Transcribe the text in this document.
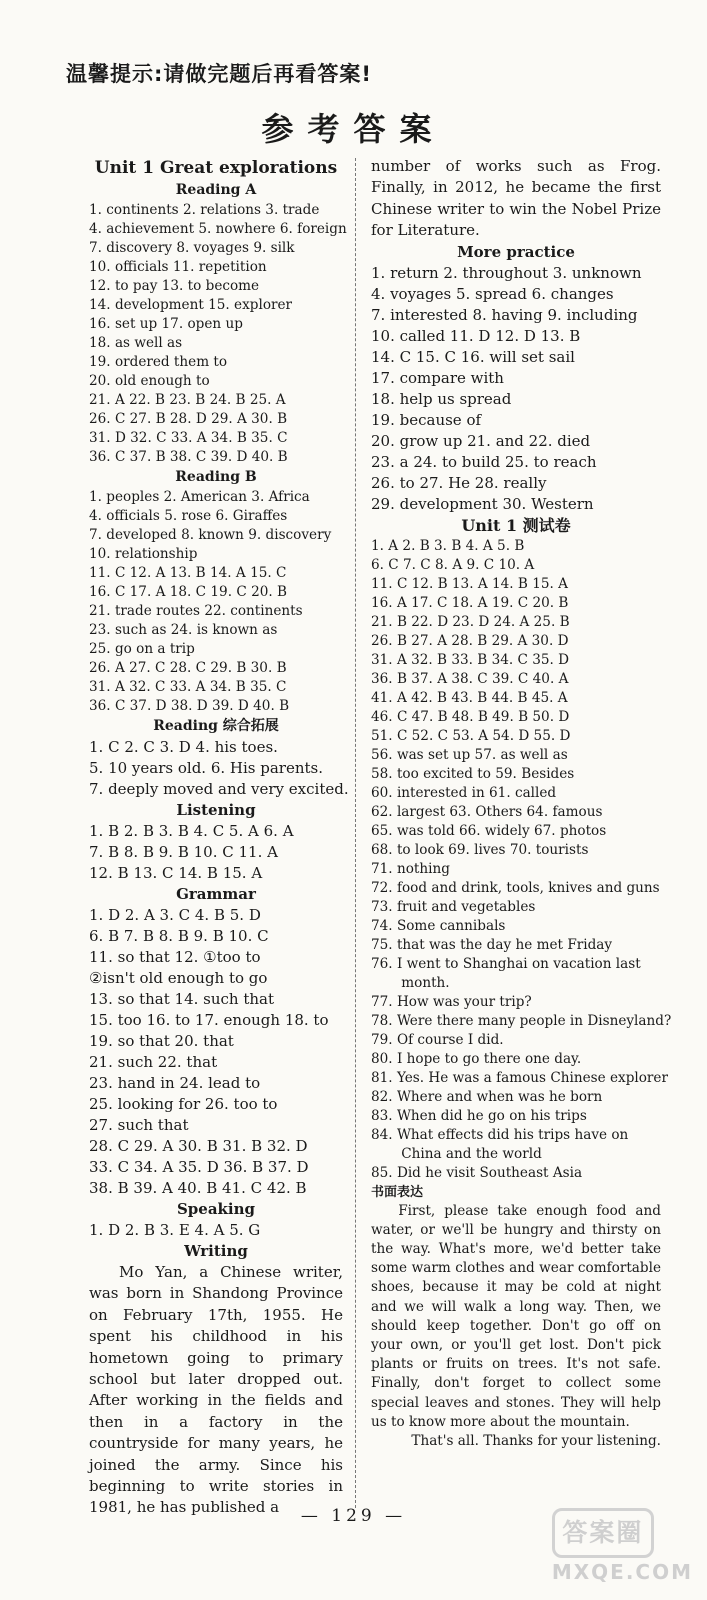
温馨提示:请做完题后再看答案!
参考答案
Unit 1 Great explorations
Reading A
1. continents 2. relations 3. trade
4. achievement 5. nowhere 6. foreign
7. discovery 8. voyages 9. silk
10. officials 11. repetition
12. to pay 13. to become
14. development 15. explorer
16. set up 17. open up
18. as well as
19. ordered them to
20. old enough to
21. A 22. B 23. B 24. B 25. A
26. C 27. B 28. D 29. A 30. B
31. D 32. C 33. A 34. B 35. C
36. C 37. B 38. C 39. D 40. B
Reading B
1. peoples 2. American 3. Africa
4. officials 5. rose 6. Giraffes
7. developed 8. known 9. discovery
10. relationship
11. C 12. A 13. B 14. A 15. C
16. C 17. A 18. C 19. C 20. B
21. trade routes 22. continents
23. such as 24. is known as
25. go on a trip
26. A 27. C 28. C 29. B 30. B
31. A 32. C 33. A 34. B 35. C
36. C 37. D 38. D 39. D 40. B
Reading 综合拓展
1. C 2. C 3. D 4. his toes.
5. 10 years old. 6. His parents.
7. deeply moved and very excited.
Listening
1. B 2. B 3. B 4. C 5. A 6. A
7. B 8. B 9. B 10. C 11. A
12. B 13. C 14. B 15. A
Grammar
1. D 2. A 3. C 4. B 5. D
6. B 7. B 8. B 9. B 10. C
11. so that 12. ①too to
②isn't old enough to go
13. so that 14. such that
15. too 16. to 17. enough 18. to
19. so that 20. that
21. such 22. that
23. hand in 24. lead to
25. looking for 26. too to
27. such that
28. C 29. A 30. B 31. B 32. D
33. C 34. A 35. D 36. B 37. D
38. B 39. A 40. B 41. C 42. B
Speaking
1. D 2. B 3. E 4. A 5. G
Writing
Mo Yan, a Chinese writer, was born in Shandong Province on February 17th, 1955. He spent his childhood in his hometown going to primary school but later dropped out. After working in the fields and then in a factory in the countryside for many years, he joined the army. Since his beginning to write stories in 1981, he has published a
number of works such as Frog. Finally, in 2012, he became the first Chinese writer to win the Nobel Prize for Literature.
More practice
1. return 2. throughout 3. unknown
4. voyages 5. spread 6. changes
7. interested 8. having 9. including
10. called 11. D 12. D 13. B
14. C 15. C 16. will set sail
17. compare with
18. help us spread
19. because of
20. grow up 21. and 22. died
23. a 24. to build 25. to reach
26. to 27. He 28. really
29. development 30. Western
Unit 1 测试卷
1. A 2. B 3. B 4. A 5. B
6. C 7. C 8. A 9. C 10. A
11. C 12. B 13. A 14. B 15. A
16. A 17. C 18. A 19. C 20. B
21. B 22. D 23. D 24. A 25. B
26. B 27. A 28. B 29. A 30. D
31. A 32. B 33. B 34. C 35. D
36. B 37. A 38. C 39. C 40. A
41. A 42. B 43. B 44. B 45. A
46. C 47. B 48. B 49. B 50. D
51. C 52. C 53. A 54. D 55. D
56. was set up 57. as well as
58. too excited to 59. Besides
60. interested in 61. called
62. largest 63. Others 64. famous
65. was told 66. widely 67. photos
68. to look 69. lives 70. tourists
71. nothing
72. food and drink, tools, knives and guns
73. fruit and vegetables
74. Some cannibals
75. that was the day he met Friday
76. I went to Shanghai on vacation last
month.
77. How was your trip?
78. Were there many people in Disneyland?
79. Of course I did.
80. I hope to go there one day.
81. Yes. He was a famous Chinese explorer
82. Where and when was he born
83. When did he go on his trips
84. What effects did his trips have on
China and the world
85. Did he visit Southeast Asia
书面表达
First, please take enough food and water, or we'll be hungry and thirsty on the way. What's more, we'd better take some warm clothes and wear comfortable shoes, because it may be cold at night and we will walk a long way. Then, we should keep together. Don't go off on your own, or you'll get lost. Don't pick plants or fruits on trees. It's not safe. Finally, don't forget to collect some special leaves and stones. They will help us to know more about the mountain.
That's all. Thanks for your listening.
— 129 —
答案圈
MXQE.COM
